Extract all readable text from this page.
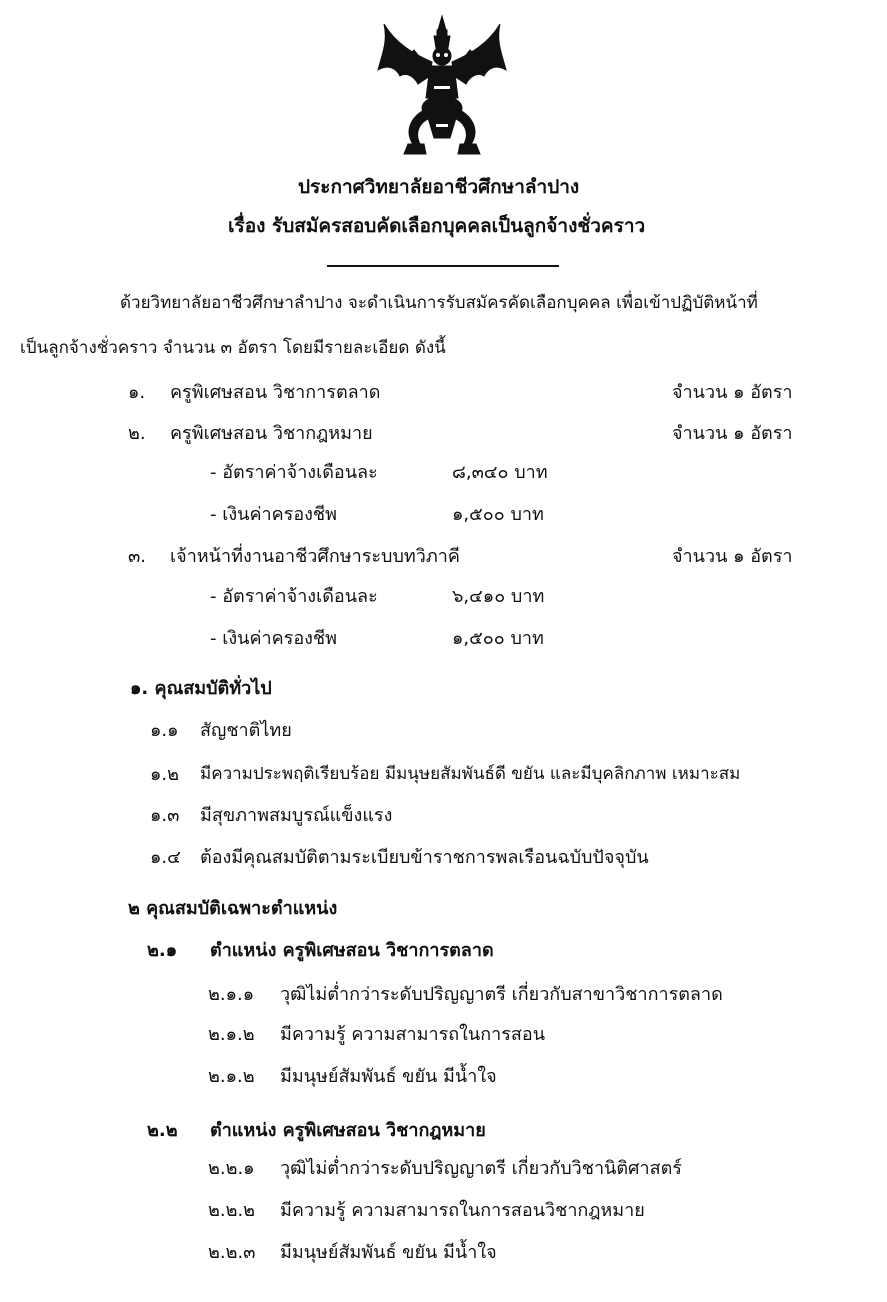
ประกาศวิทยาลัยอาชีวศึกษาลำปาง
เรื่อง รับสมัครสอบคัดเลือกบุคคลเป็นลูกจ้างชั่วคราว
ด้วยวิทยาลัยอาชีวศึกษาลำปาง จะดำเนินการรับสมัครคัดเลือกบุคคล เพื่อเข้าปฏิบัติหน้าที่
เป็นลูกจ้างชั่วคราว จำนวน ๓ อัตรา โดยมีรายละเอียด ดังนี้
๑. ครูพิเศษสอน วิชาการตลาด	จำนวน ๑ อัตรา
๒. ครูพิเศษสอน วิชากฎหมาย	จำนวน ๑ อัตรา
- อัตราค่าจ้างเดือนละ	๘,๓๔๐ บาท
- เงินค่าครองชีพ	๑,๕๐๐ บาท
๓. เจ้าหน้าที่งานอาชีวศึกษาระบบทวิภาคี	จำนวน ๑ อัตรา
- อัตราค่าจ้างเดือนละ	๖,๔๑๐ บาท
- เงินค่าครองชีพ	๑,๕๐๐ บาท
๑. คุณสมบัติทั่วไป
๑.๑ สัญชาติไทย
๑.๒ มีความประพฤติเรียบร้อย มีมนุษยสัมพันธ์ดี ขยัน และมีบุคลิกภาพ เหมาะสม
๑.๓ มีสุขภาพสมบูรณ์แข็งแรง
๑.๔ ต้องมีคุณสมบัติตามระเบียบข้าราชการพลเรือนฉบับปัจจุบัน
๒ คุณสมบัติเฉพาะตำแหน่ง
๒.๑ ตำแหน่ง ครูพิเศษสอน วิชาการตลาด
๒.๑.๑ วุฒิไม่ต่ำกว่าระดับปริญญาตรี เกี่ยวกับสาขาวิชาการตลาด
๒.๑.๒ มีความรู้ ความสามารถในการสอน
๒.๑.๒ มีมนุษย์สัมพันธ์ ขยัน มีน้ำใจ
๒.๒ ตำแหน่ง ครูพิเศษสอน วิชากฎหมาย
๒.๒.๑ วุฒิไม่ต่ำกว่าระดับปริญญาตรี เกี่ยวกับวิชานิติศาสตร์
๒.๒.๒ มีความรู้ ความสามารถในการสอนวิชากฎหมาย
๒.๒.๓ มีมนุษย์สัมพันธ์ ขยัน มีน้ำใจ
